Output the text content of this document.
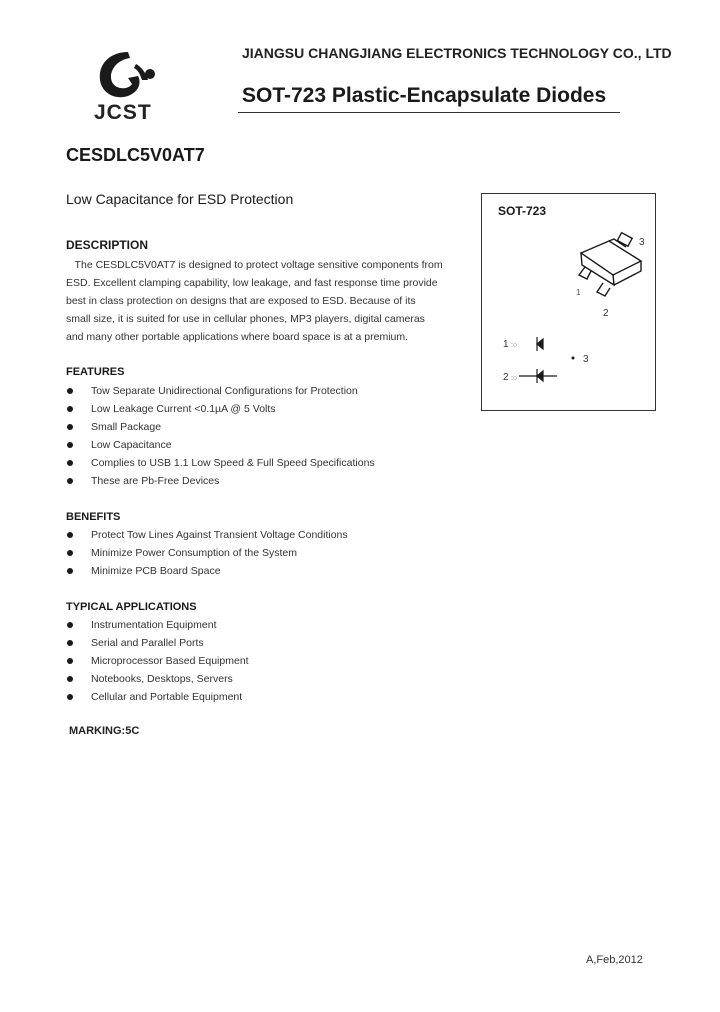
JCST
JIANGSU CHANGJIANG ELECTRONICS TECHNOLOGY CO., LTD
SOT-723 Plastic-Encapsulate Diodes
CESDLC5V0AT7
Low Capacitance for ESD Protection
DESCRIPTION
The CESDLC5V0AT7 is designed to protect voltage sensitive components from
ESD. Excellent clamping capability, low leakage, and fast response time provide
best in class protection on designs that are exposed to ESD. Because of its
small size, it is suited for use in cellular phones, MP3 players, digital cameras
and many other portable applications where board space is at a premium.
FEATURES
Tow Separate Unidirectional Configurations for Protection
Low Leakage Current <0.1µA @ 5 Volts
Small Package
Low Capacitance
Complies to USB 1.1 Low Speed & Full Speed Specifications
These are Pb-Free Devices
BENEFITS
Protect Tow Lines Against Transient Voltage Conditions
Minimize Power Consumption of the System
Minimize PCB Board Space
TYPICAL APPLICATIONS
Instrumentation Equipment
Serial and Parallel Ports
Microprocessor Based Equipment
Notebooks, Desktops, Servers
Cellular and Portable Equipment
MARKING:5C
SOT-723
3
1
2
1
2
3
:○
:○
A,Feb,2012
